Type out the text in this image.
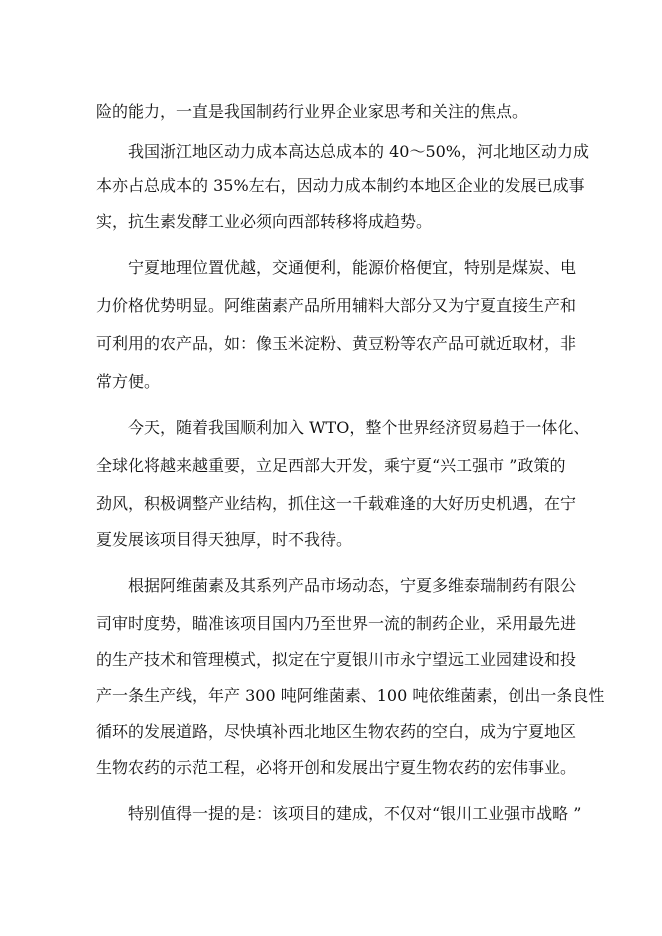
险的能力，一直是我国制药行业界企业家思考和关注的焦点。
我国浙江地区动力成本高达总成本的 40～50%，河北地区动力成
本亦占总成本的 35%左右，因动力成本制约本地区企业的发展已成事
实，抗生素发酵工业必须向西部转移将成趋势。
宁夏地理位置优越，交通便利，能源价格便宜，特别是煤炭、电
力价格优势明显。阿维菌素产品所用辅料大部分又为宁夏直接生产和
可利用的农产品，如：像玉米淀粉、黄豆粉等农产品可就近取材，非
常方便。
今天，随着我国顺利加入 WTO，整个世界经济贸易趋于一体化、
全球化将越来越重要，立足西部大开发，乘宁夏“兴工强市 ”政策的
劲风，积极调整产业结构，抓住这一千载难逢的大好历史机遇，在宁
夏发展该项目得天独厚，时不我待。
根据阿维菌素及其系列产品市场动态，宁夏多维泰瑞制药有限公
司审时度势，瞄准该项目国内乃至世界一流的制药企业，采用最先进
的生产技术和管理模式，拟定在宁夏银川市永宁望远工业园建设和投
产一条生产线，年产 300 吨阿维菌素、100 吨依维菌素，创出一条良性
循环的发展道路，尽快填补西北地区生物农药的空白，成为宁夏地区
生物农药的示范工程，必将开创和发展出宁夏生物农药的宏伟事业。
特别值得一提的是：该项目的建成，不仅对“银川工业强市战略 ”
